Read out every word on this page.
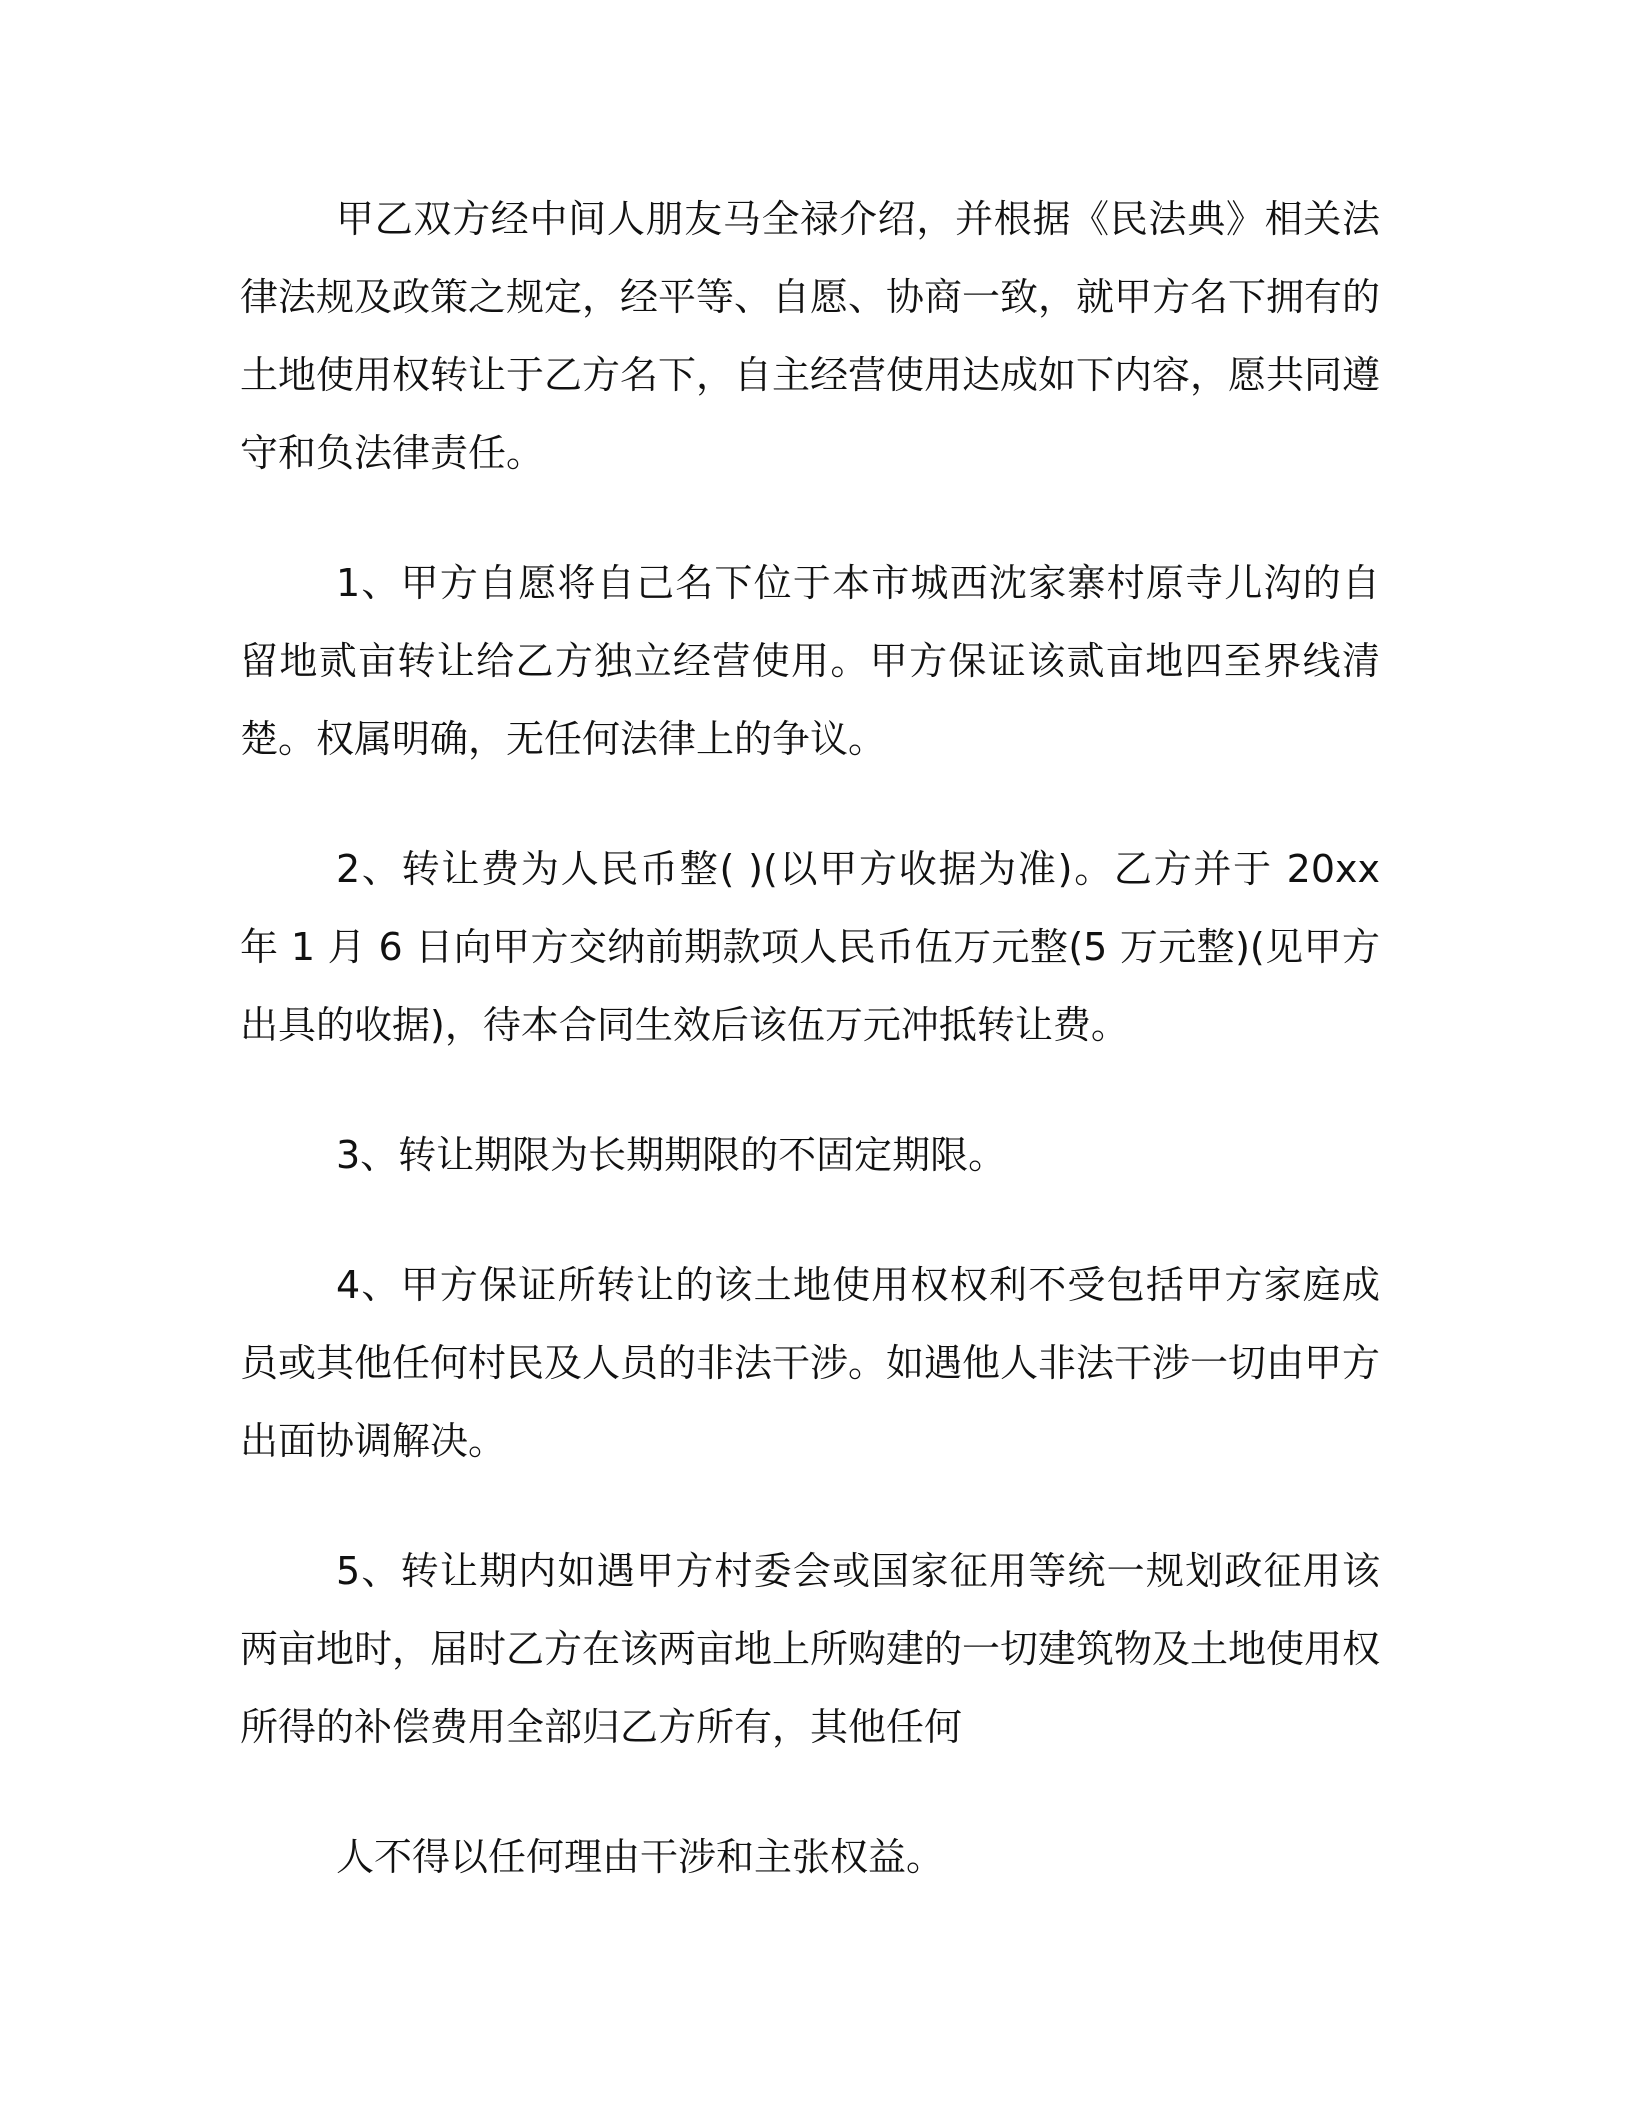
甲乙双方经中间人朋友马全禄介绍，并根据《民法典》相关法律法规及政策之规定，经平等、自愿、协商一致，就甲方名下拥有的土地使用权转让于乙方名下，自主经营使用达成如下内容，愿共同遵守和负法律责任。

1、甲方自愿将自己名下位于本市城西沈家寨村原寺儿沟的自留地贰亩转让给乙方独立经营使用。甲方保证该贰亩地四至界线清楚。权属明确，无任何法律上的争议。

2、转让费为人民币整( )(以甲方收据为准)。乙方并于 20xx 年 1 月 6 日向甲方交纳前期款项人民币伍万元整(5 万元整)(见甲方出具的收据)，待本合同生效后该伍万元冲抵转让费。

3、转让期限为长期期限的不固定期限。

4、甲方保证所转让的该土地使用权权利不受包括甲方家庭成员或其他任何村民及人员的非法干涉。如遇他人非法干涉一切由甲方出面协调解决。

5、转让期内如遇甲方村委会或国家征用等统一规划政征用该两亩地时，届时乙方在该两亩地上所购建的一切建筑物及土地使用权所得的补偿费用全部归乙方所有，其他任何

人不得以任何理由干涉和主张权益。
